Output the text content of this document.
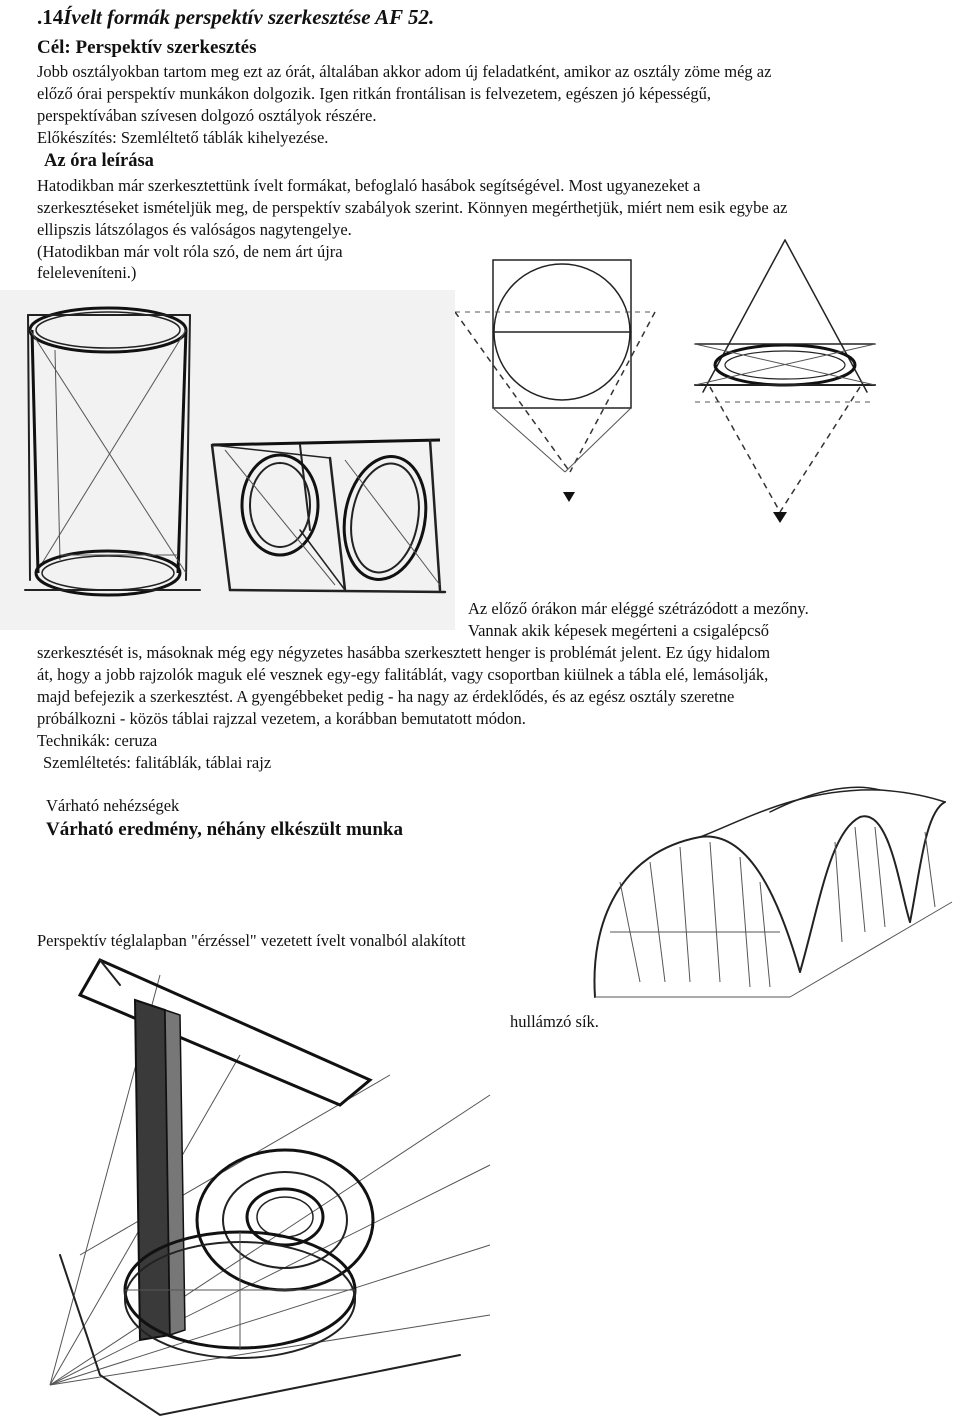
.14Ívelt formák perspektív szerkesztése AF 52.
Cél: Perspektív szerkesztés
Jobb osztályokban tartom meg ezt az órát, általában akkor adom új feladatként, amikor az osztály zöme még az
előző órai perspektív munkákon dolgozik. Igen ritkán frontálisan is felvezetem, egészen jó képességű,
perspektívában szívesen dolgozó osztályok részére.
Előkészítés: Szemléltető táblák kihelyezése.
Az óra leírása
Hatodikban már szerkesztettünk ívelt formákat, befoglaló hasábok segítségével. Most ugyanezeket a
szerkesztéseket ismételjük meg, de perspektív szabályok szerint. Könnyen megérthetjük, miért nem esik egybe az
ellipszis látszólagos és valóságos nagytengelye.
(Hatodikban már volt róla szó, de nem árt újra
feleleveníteni.)
Az előző órákon már eléggé szétrázódott a mezőny.
Vannak akik képesek megérteni a csigalépcső
szerkesztését is, másoknak még egy négyzetes hasábba szerkesztett henger is problémát jelent. Ez úgy hidalom
át, hogy a jobb rajzolók maguk elé vesznek egy-egy falitáblát, vagy csoportban kiülnek a tábla elé, lemásolják,
majd befejezik a szerkesztést. A gyengébbeket pedig - ha nagy az érdeklődés, és az egész osztály szeretne
próbálkozni - közös táblai rajzzal vezetem, a korábban bemutatott módon.
Technikák: ceruza
Szemléltetés: falitáblák, táblai rajz
Várható nehézségek
Várható eredmény, néhány elkészült munka
Perspektív téglalapban "érzéssel" vezetett ívelt vonalból alakított
hullámzó sík.
